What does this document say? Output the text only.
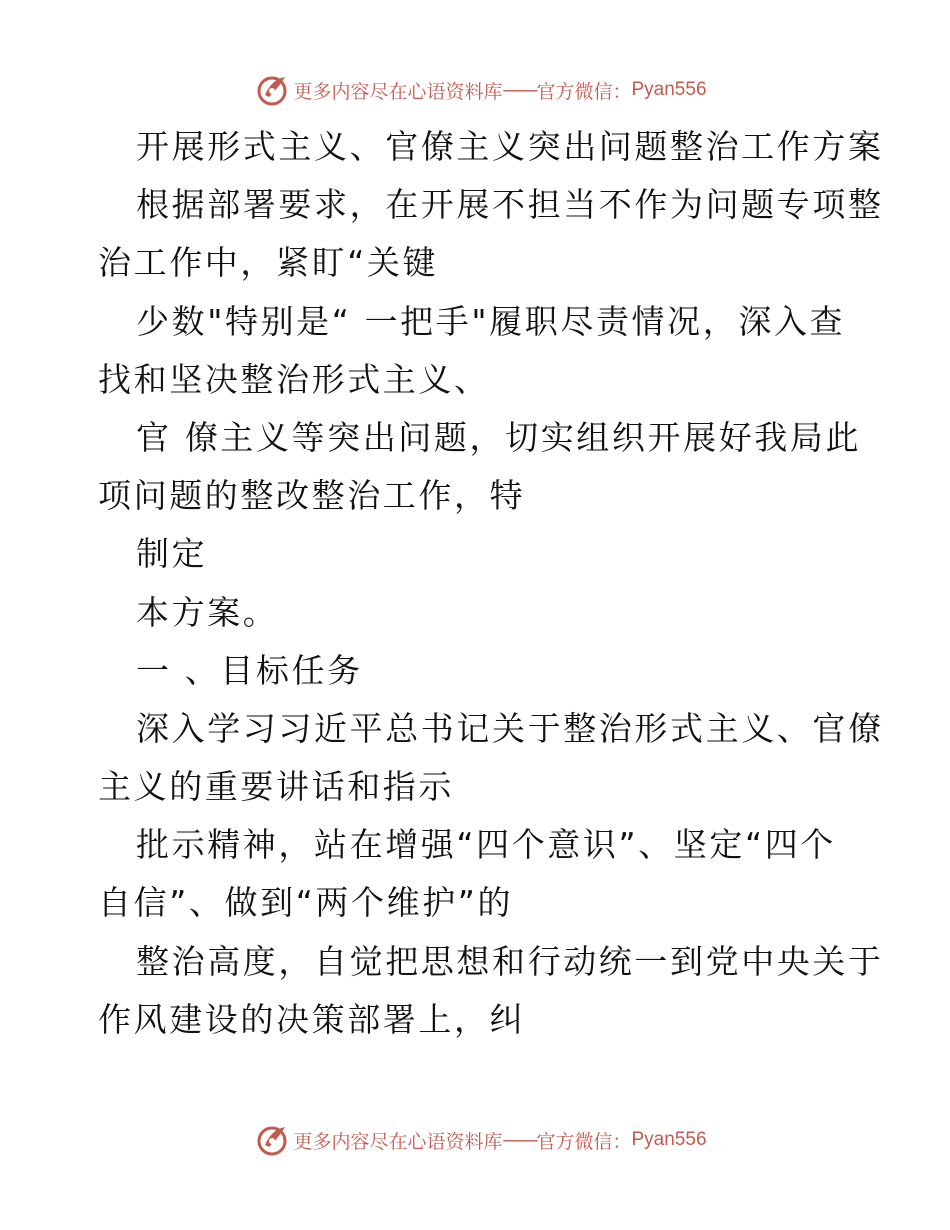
更多内容尽在心语资料库 —— 官方微信： Pyan556
开展形式主义、官僚主义突出问题整治工作方案
根据部署要求，在开展不担当不作为问题专项整
治工作中，紧盯“关键
少数"特别是“ 一把手"履职尽责情况，深入查
找和坚决整治形式主义、
官 僚主义等突出问题，切实组织开展好我局此
项问题的整改整治工作，特
制定
本方案。
一 、目标任务
深入学习习近平总书记关于整治形式主义、官僚
主义的重要讲话和指示
批示精神，站在增强“四个意识”、坚定“四个
自信”、做到“两个维护”的
整治高度，自觉把思想和行动统一到党中央关于
作风建设的决策部署上，纠
更多内容尽在心语资料库 —— 官方微信： Pyan556
